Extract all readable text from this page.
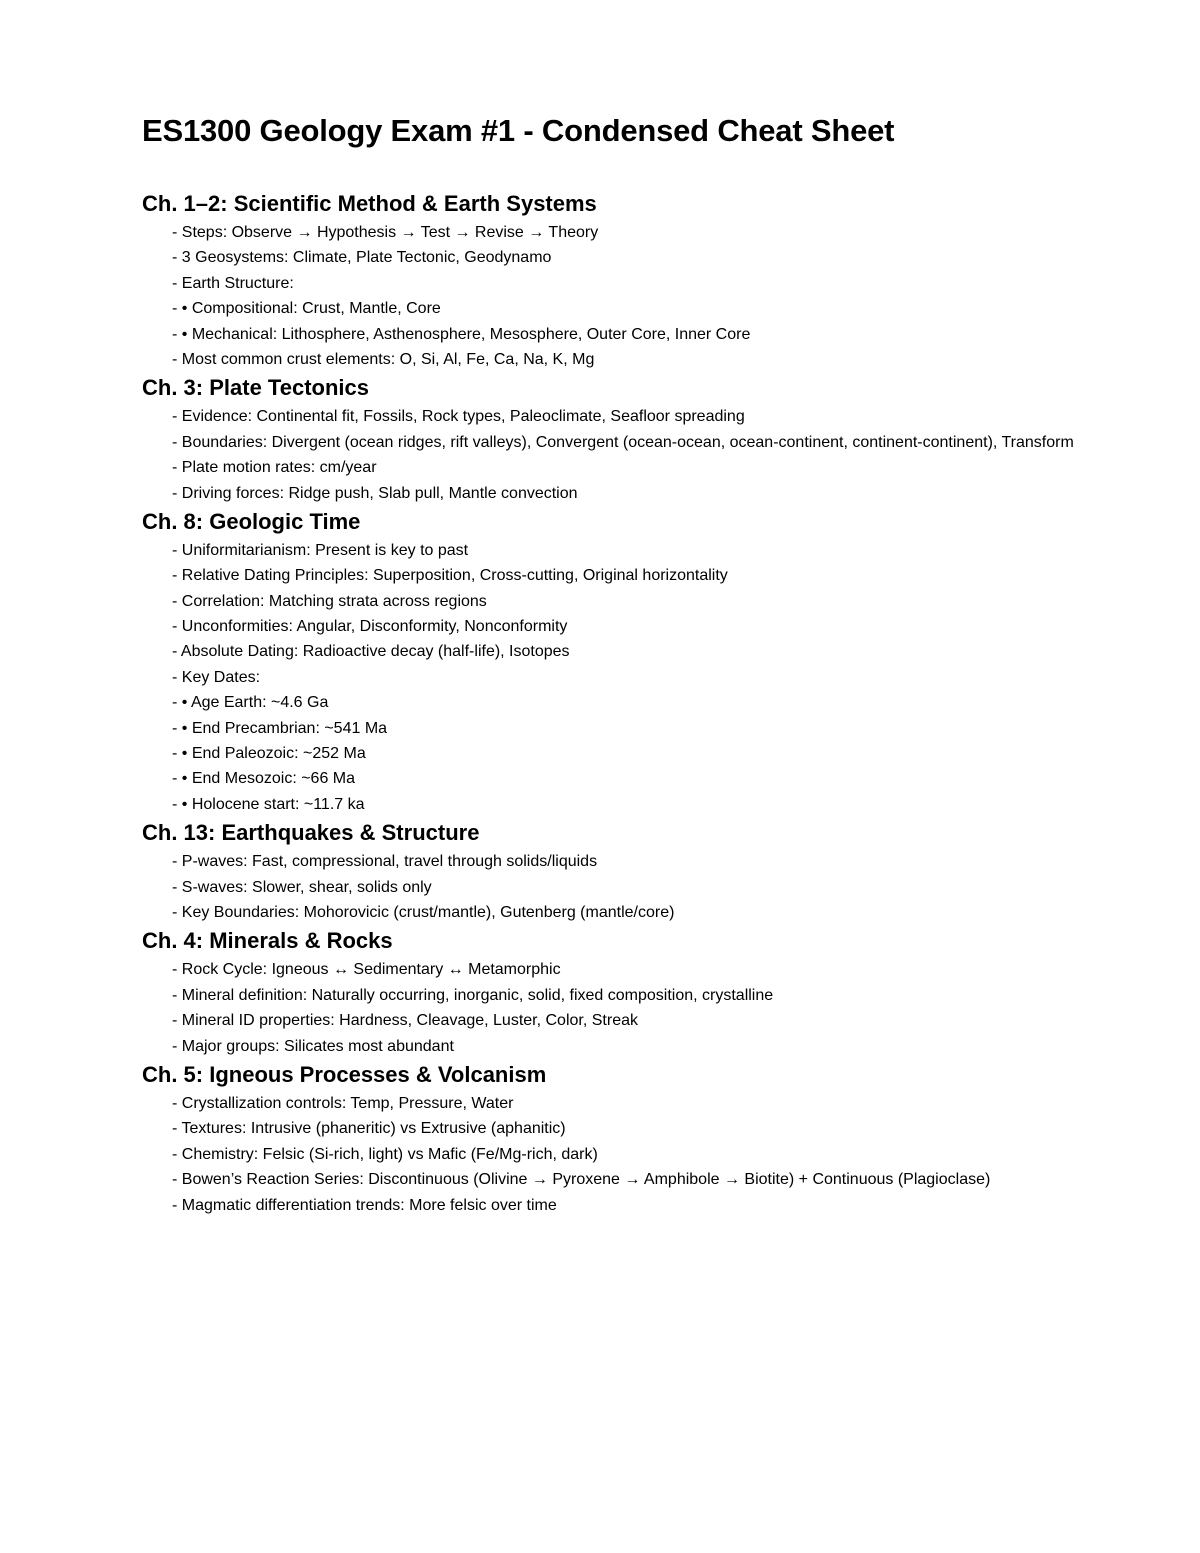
ES1300 Geology Exam #1 - Condensed Cheat Sheet
Ch. 1–2: Scientific Method & Earth Systems
- Steps: Observe → Hypothesis → Test → Revise → Theory
- 3 Geosystems: Climate, Plate Tectonic, Geodynamo
- Earth Structure:
- • Compositional: Crust, Mantle, Core
- • Mechanical: Lithosphere, Asthenosphere, Mesosphere, Outer Core, Inner Core
- Most common crust elements: O, Si, Al, Fe, Ca, Na, K, Mg
Ch. 3: Plate Tectonics
- Evidence: Continental fit, Fossils, Rock types, Paleoclimate, Seafloor spreading
- Boundaries: Divergent (ocean ridges, rift valleys), Convergent (ocean-ocean, ocean-continent, continent-continent), Transform
- Plate motion rates: cm/year
- Driving forces: Ridge push, Slab pull, Mantle convection
Ch. 8: Geologic Time
- Uniformitarianism: Present is key to past
- Relative Dating Principles: Superposition, Cross-cutting, Original horizontality
- Correlation: Matching strata across regions
- Unconformities: Angular, Disconformity, Nonconformity
- Absolute Dating: Radioactive decay (half-life), Isotopes
- Key Dates:
- • Age Earth: ~4.6 Ga
- • End Precambrian: ~541 Ma
- • End Paleozoic: ~252 Ma
- • End Mesozoic: ~66 Ma
- • Holocene start: ~11.7 ka
Ch. 13: Earthquakes & Structure
- P-waves: Fast, compressional, travel through solids/liquids
- S-waves: Slower, shear, solids only
- Key Boundaries: Mohorovicic (crust/mantle), Gutenberg (mantle/core)
Ch. 4: Minerals & Rocks
- Rock Cycle: Igneous ↔ Sedimentary ↔ Metamorphic
- Mineral definition: Naturally occurring, inorganic, solid, fixed composition, crystalline
- Mineral ID properties: Hardness, Cleavage, Luster, Color, Streak
- Major groups: Silicates most abundant
Ch. 5: Igneous Processes & Volcanism
- Crystallization controls: Temp, Pressure, Water
- Textures: Intrusive (phaneritic) vs Extrusive (aphanitic)
- Chemistry: Felsic (Si-rich, light) vs Mafic (Fe/Mg-rich, dark)
- Bowen’s Reaction Series: Discontinuous (Olivine → Pyroxene → Amphibole → Biotite) + Continuous (Plagioclase)
- Magmatic differentiation trends: More felsic over time
